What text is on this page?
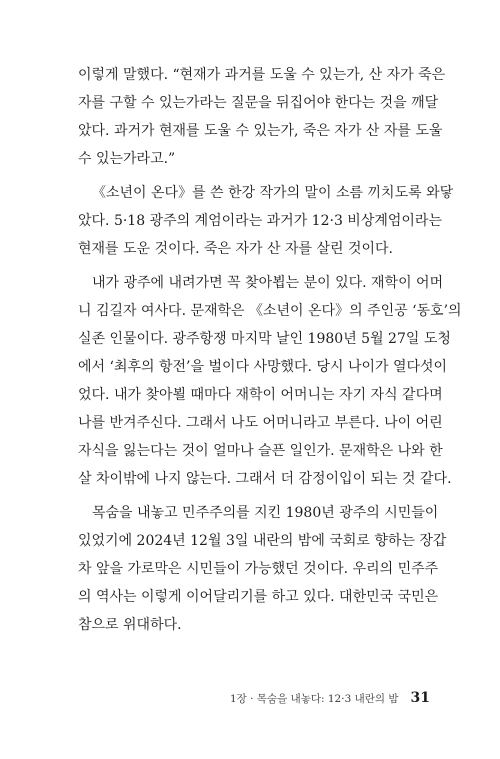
이렇게 말했다. “현재가 과거를 도울 수 있는가, 산 자가 죽은
자를 구할 수 있는가라는 질문을 뒤집어야 한다는 것을 깨달
았다. 과거가 현재를 도울 수 있는가, 죽은 자가 산 자를 도울
수 있는가라고.”
《소년이 온다》를 쓴 한강 작가의 말이 소름 끼치도록 와닿
았다. 5·18 광주의 계엄이라는 과거가 12·3 비상계엄이라는
현재를 도운 것이다. 죽은 자가 산 자를 살린 것이다.
내가 광주에 내려가면 꼭 찾아뵙는 분이 있다. 재학이 어머
니 김길자 여사다. 문재학은 《소년이 온다》의 주인공 ‘동호’의
실존 인물이다. 광주항쟁 마지막 날인 1980년 5월 27일 도청
에서 ‘최후의 항전’을 벌이다 사망했다. 당시 나이가 열다섯이
었다. 내가 찾아뵐 때마다 재학이 어머니는 자기 자식 같다며
나를 반겨주신다. 그래서 나도 어머니라고 부른다. 나이 어린
자식을 잃는다는 것이 얼마나 슬픈 일인가. 문재학은 나와 한
살 차이밖에 나지 않는다. 그래서 더 감정이입이 되는 것 같다.
목숨을 내놓고 민주주의를 지킨 1980년 광주의 시민들이
있었기에 2024년 12월 3일 내란의 밤에 국회로 향하는 장갑
차 앞을 가로막은 시민들이 가능했던 것이다. 우리의 민주주
의 역사는 이렇게 이어달리기를 하고 있다. 대한민국 국민은
참으로 위대하다.
1장 · 목숨을 내놓다: 12·3 내란의 밤 31
